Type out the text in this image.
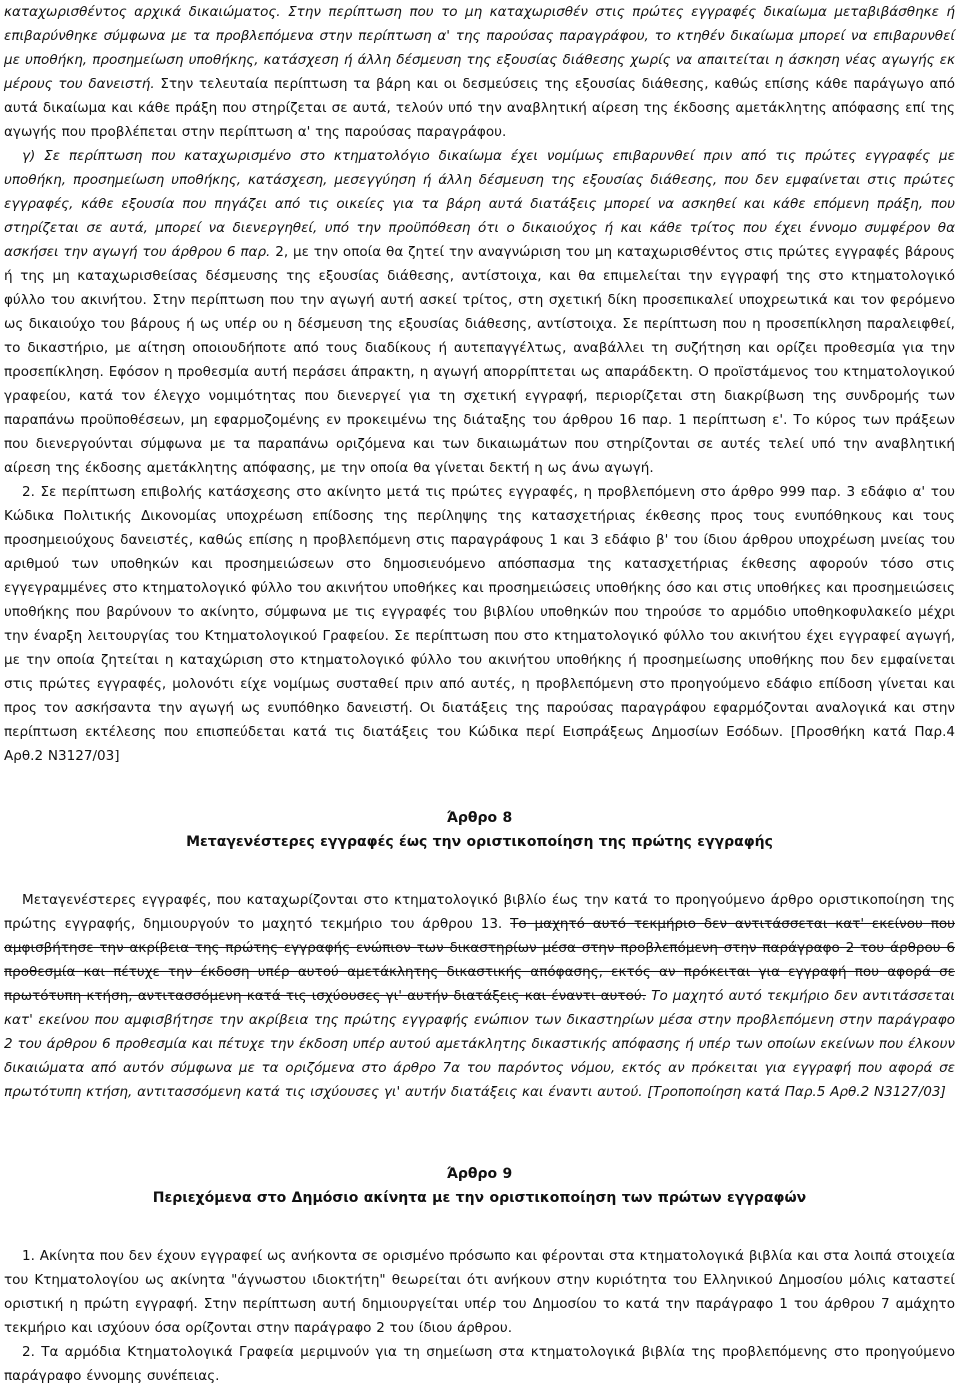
καταχωρισθέντος αρχικά δικαιώματος. Στην περίπτωση που το μη καταχωρισθέν στις πρώτες εγγραφές δικαίωμα μεταβιβάσθηκε ή επιβαρύνθηκε σύμφωνα με τα προβλεπόμενα στην περίπτωση α' της παρούσας παραγράφου, το κτηθέν δικαίωμα μπορεί να επιβαρυνθεί με υποθήκη, προσημείωση υποθήκης, κατάσχεση ή άλλη δέσμευση της εξουσίας διάθεσης χωρίς να απαιτείται η άσκηση νέας αγωγής εκ μέρους του δανειστή. Στην τελευταία περίπτωση τα βάρη και οι δεσμεύσεις της εξουσίας διάθεσης, καθώς επίσης κάθε παράγωγο από αυτά δικαίωμα και κάθε πράξη που στηρίζεται σε αυτά, τελούν υπό την αναβλητική αίρεση της έκδοσης αμετάκλητης απόφασης επί της αγωγής που προβλέπεται στην περίπτωση α' της παρούσας παραγράφου.

γ) Σε περίπτωση που καταχωρισμένο στο κτηματολόγιο δικαίωμα έχει νομίμως επιβαρυνθεί πριν από τις πρώτες εγγραφές με υποθήκη, προσημείωση υποθήκης, κατάσχεση, μεσεγγύηση ή άλλη δέσμευση της εξουσίας διάθεσης, που δεν εμφαίνεται στις πρώτες εγγραφές, κάθε εξουσία που πηγάζει από τις οικείες για τα βάρη αυτά διατάξεις μπορεί να ασκηθεί και κάθε επόμενη πράξη, που στηρίζεται σε αυτά, μπορεί να διενεργηθεί, υπό την προϋπόθεση ότι ο δικαιούχος ή και κάθε τρίτος που έχει έννομο συμφέρον θα ασκήσει την αγωγή του άρθρου 6 παρ. 2, με την οποία θα ζητεί την αναγνώριση του μη καταχωρισθέντος στις πρώτες εγγραφές βάρους ή της μη καταχωρισθείσας δέσμευσης της εξουσίας διάθεσης, αντίστοιχα, και θα επιμελείται την εγγραφή της στο κτηματολογικό φύλλο του ακινήτου. Στην περίπτωση που την αγωγή αυτή ασκεί τρίτος, στη σχετική δίκη προσεπικαλεί υποχρεωτικά και τον φερόμενο ως δικαιούχο του βάρους ή ως υπέρ ου η δέσμευση της εξουσίας διάθεσης, αντίστοιχα. Σε περίπτωση που η προσεπίκληση παραλειφθεί, το δικαστήριο, με αίτηση οποιουδήποτε από τους διαδίκους ή αυτεπαγγέλτως, αναβάλλει τη συζήτηση και ορίζει προθεσμία για την προσεπίκληση. Εφόσον η προθεσμία αυτή περάσει άπρακτη, η αγωγή απορρίπτεται ως απαράδεκτη. Ο προϊστάμενος του κτηματολογικού γραφείου, κατά τον έλεγχο νομιμότητας που διενεργεί για τη σχετική εγγραφή, περιορίζεται στη διακρίβωση της συνδρομής των παραπάνω προϋποθέσεων, μη εφαρμοζομένης εν προκειμένω της διάταξης του άρθρου 16 παρ. 1 περίπτωση ε'. Το κύρος των πράξεων που διενεργούνται σύμφωνα με τα παραπάνω οριζόμενα και των δικαιωμάτων που στηρίζονται σε αυτές τελεί υπό την αναβλητική αίρεση της έκδοσης αμετάκλητης απόφασης, με την οποία θα γίνεται δεκτή η ως άνω αγωγή.

2. Σε περίπτωση επιβολής κατάσχεσης στο ακίνητο μετά τις πρώτες εγγραφές, η προβλεπόμενη στο άρθρο 999 παρ. 3 εδάφιο α' του Κώδικα Πολιτικής Δικονομίας υποχρέωση επίδοσης της περίληψης της κατασχετήριας έκθεσης προς τους ενυπόθηκους και τους προσημειούχους δανειστές, καθώς επίσης η προβλεπόμενη στις παραγράφους 1 και 3 εδάφιο β' του ίδιου άρθρου υποχρέωση μνείας του αριθμού των υποθηκών και προσημειώσεων στο δημοσιευόμενο απόσπασμα της κατασχετήριας έκθεσης αφορούν τόσο στις εγγεγραμμένες στο κτηματολογικό φύλλο του ακινήτου υποθήκες και προσημειώσεις υποθήκης όσο και στις υποθήκες και προσημειώσεις υποθήκης που βαρύνουν το ακίνητο, σύμφωνα με τις εγγραφές του βιβλίου υποθηκών που τηρούσε το αρμόδιο υποθηκοφυλακείο μέχρι την έναρξη λειτουργίας του Κτηματολογικού Γραφείου. Σε περίπτωση που στο κτηματολογικό φύλλο του ακινήτου έχει εγγραφεί αγωγή, με την οποία ζητείται η καταχώριση στο κτηματολογικό φύλλο του ακινήτου υποθήκης ή προσημείωσης υποθήκης που δεν εμφαίνεται στις πρώτες εγγραφές, μολονότι είχε νομίμως συσταθεί πριν από αυτές, η προβλεπόμενη στο προηγούμενο εδάφιο επίδοση γίνεται και προς τον ασκήσαντα την αγωγή ως ενυπόθηκο δανειστή. Οι διατάξεις της παρούσας παραγράφου εφαρμόζονται αναλογικά και στην περίπτωση εκτέλεσης που επισπεύδεται κατά τις διατάξεις του Κώδικα περί Εισπράξεως Δημοσίων Εσόδων. [Προσθήκη κατά Παρ.4 Αρθ.2 Ν3127/03]

Άρθρο 8

Μεταγενέστερες εγγραφές έως την οριστικοποίηση της πρώτης εγγραφής

Μεταγενέστερες εγγραφές, που καταχωρίζονται στο κτηματολογικό βιβλίο έως την κατά το προηγούμενο άρθρο οριστικοποίηση της πρώτης εγγραφής, δημιουργούν το μαχητό τεκμήριο του άρθρου 13. Το μαχητό αυτό τεκμήριο δεν αντιτάσσεται κατ' εκείνου που αμφισβήτησε την ακρίβεια της πρώτης εγγραφής ενώπιον των δικαστηρίων μέσα στην προβλεπόμενη στην παράγραφο 2 του άρθρου 6 προθεσμία και πέτυχε την έκδοση υπέρ αυτού αμετάκλητης δικαστικής απόφασης, εκτός αν πρόκειται για εγγραφή που αφορά σε πρωτότυπη κτήση, αντιτασσόμενη κατά τις ισχύουσες γι' αυτήν διατάξεις και έναντι αυτού. Το μαχητό αυτό τεκμήριο δεν αντιτάσσεται κατ' εκείνου που αμφισβήτησε την ακρίβεια της πρώτης εγγραφής ενώπιον των δικαστηρίων μέσα στην προβλεπόμενη στην παράγραφο 2 του άρθρου 6 προθεσμία και πέτυχε την έκδοση υπέρ αυτού αμετάκλητης δικαστικής απόφασης ή υπέρ των οποίων εκείνων που έλκουν δικαιώματα από αυτόν σύμφωνα με τα οριζόμενα στο άρθρο 7α του παρόντος νόμου, εκτός αν πρόκειται για εγγραφή που αφορά σε πρωτότυπη κτήση, αντιτασσόμενη κατά τις ισχύουσες γι' αυτήν διατάξεις και έναντι αυτού. [Τροποποίηση κατά Παρ.5 Αρθ.2 Ν3127/03]

Άρθρο 9

Περιεχόμενα στο Δημόσιο ακίνητα με την οριστικοποίηση των πρώτων εγγραφών

1. Ακίνητα που δεν έχουν εγγραφεί ως ανήκοντα σε ορισμένο πρόσωπο και φέρονται στα κτηματολογικά βιβλία και στα λοιπά στοιχεία του Κτηματολογίου ως ακίνητα "άγνωστου ιδιοκτήτη" θεωρείται ότι ανήκουν στην κυριότητα του Ελληνικού Δημοσίου μόλις καταστεί οριστική η πρώτη εγγραφή. Στην περίπτωση αυτή δημιουργείται υπέρ του Δημοσίου το κατά την παράγραφο 1 του άρθρου 7 αμάχητο τεκμήριο και ισχύουν όσα ορίζονται στην παράγραφο 2 του ίδιου άρθρου.

2. Τα αρμόδια Κτηματολογικά Γραφεία μεριμνούν για τη σημείωση στα κτηματολογικά βιβλία της προβλεπόμενης στο προηγούμενο παράγραφο έννομης συνέπειας.
